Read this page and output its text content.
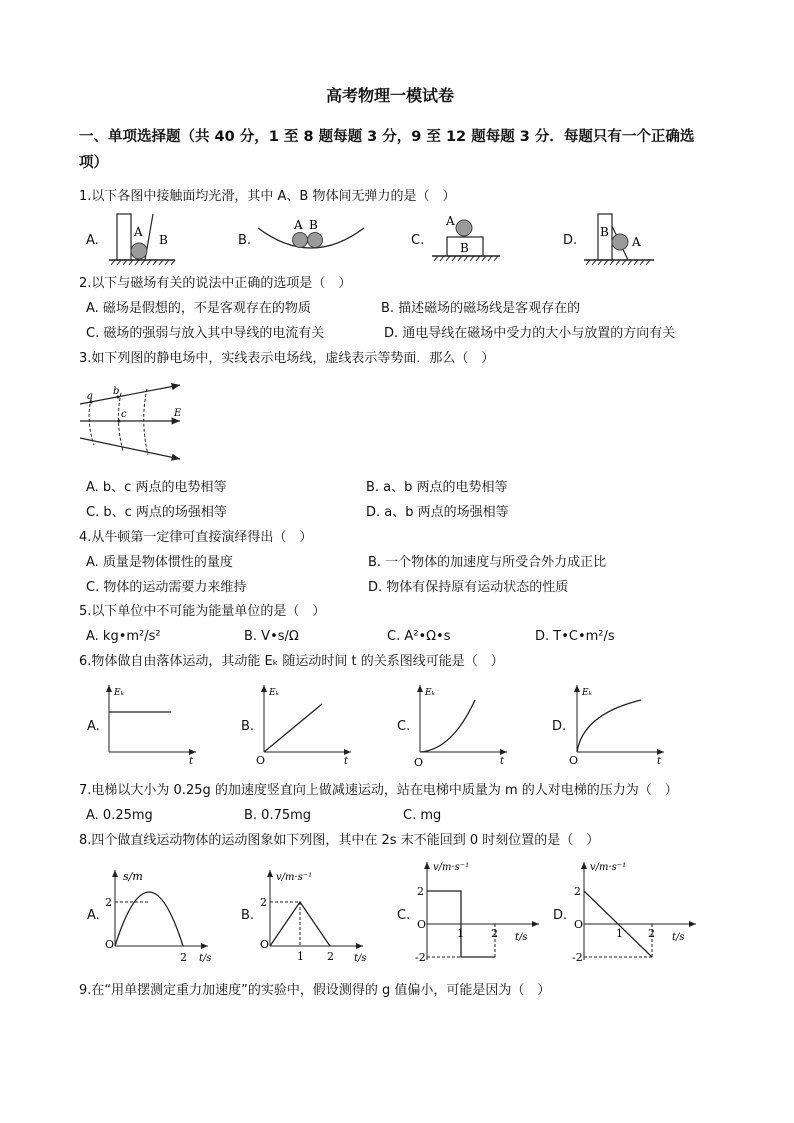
高考物理一模试卷
一、单项选择题（共 40 分，1 至 8 题每题 3 分，9 至 12 题每题 3 分．每题只有一个正确选
项）
1.以下各图中接触面均光滑，其中 A、B 物体间无弹力的是（　）
A.	B.	C.	D.
A
B
A B	A
B
B
A
2.以下与磁场有关的说法中正确的选项是（　）
A. 磁场是假想的，不是客观存在的物质	B. 描述磁场的磁场线是客观存在的
C. 磁场的强弱与放入其中导线的电流有关	D. 通电导线在磁场中受力的大小与放置的方向有关
3.如下列图的静电场中，实线表示电场线，虚线表示等势面．那么（　）
a b
c	E
A. b、c 两点的电势相等	B. a、b 两点的电势相等
C. b、c 两点的场强相等	D. a、b 两点的场强相等
4.从牛顿第一定律可直接演绎得出（　）
A. 质量是物体惯性的量度	B. 一个物体的加速度与所受合外力成正比
C. 物体的运动需要力来维持	D. 物体有保持原有运动状态的性质
5.以下单位中不可能为能量单位的是（　）
A. kg•m²/s²	B. V•s/Ω	C. A²•Ω•s	D. T•C•m²/s
6.物体做自由落体运动，其动能 Eₖ 随运动时间 t 的关系图线可能是（　）
A.	B.	C.	D.
Eₖ
t
Eₖ
t
O
Eₖ
t
O
Eₖ
t
O
7.电梯以大小为 0.25g 的加速度竖直向上做减速运动，站在电梯中质量为 m 的人对电梯的压力为（　）
A. 0.25mg	B. 0.75mg	C. mg
8.四个做直线运动物体的运动图象如下列图，其中在 2s 末不能回到 0 时刻位置的是（　）
A.	B.	C.	D.
s/m
2
O
2 t/s
v/m·s⁻¹
2
O
1 2 t/s
v/m·s⁻¹
2
-2
O
1 2 t/s
v/m·s⁻¹
2
-2
O
1 2 t/s
9.在“用单摆测定重力加速度”的实验中，假设测得的 g 值偏小，可能是因为（　）
